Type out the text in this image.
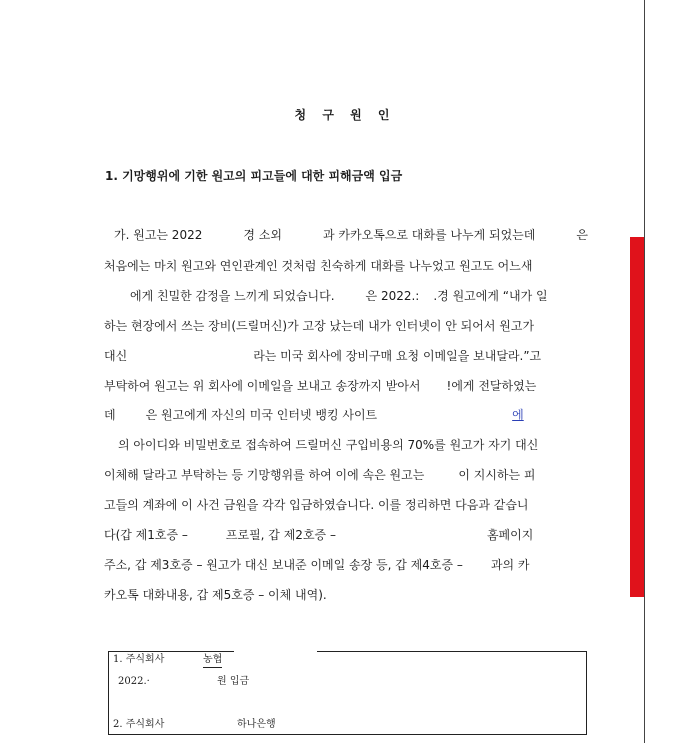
청 구 원 인
1. 기망행위에 기한 원고의 피고들에 대한 피해금액 입금
가. 원고는 2022	경 소외	과 카카오톡으로 대화를 나누게 되었는데	은
처음에는 마치 원고와 연인관계인 것처럼 친숙하게 대화를 나누었고 원고도 어느새
에게 친밀한 감정을 느끼게 되었습니다.	은 2022.: .경 원고에게 “내가 일
하는 현장에서 쓰는 장비(드릴머신)가 고장 났는데 내가 인터넷이 안 되어서 원고가
대신	라는 미국 회사에 장비구매 요청 이메일을 보내달라.”고
부탁하여 원고는 위 회사에 이메일을 보내고 송장까지 받아서 !에게 전달하였는
데	은 원고에게 자신의 미국 인터넷 뱅킹 사이트	에
의 아이디와 비밀번호로 접속하여 드릴머신 구입비용의 70%를 원고가 자기 대신
이체해 달라고 부탁하는 등 기망행위를 하여 이에 속은 원고는	이 지시하는 피
고들의 계좌에 이 사건 금원을 각각 입금하였습니다. 이를 정리하면 다음과 같습니
다(갑 제1호증 –	프로필, 갑 제2호증 –	홈페이지
주소, 갑 제3호증 – 원고가 대신 보내준 이메일 송장 등, 갑 제4호증 – 과의 카
카오톡 대화내용, 갑 제5호증 – 이체 내역).
1. 주식회사	농협
2022.·	원 입금
2. 주식회사	하나은행
